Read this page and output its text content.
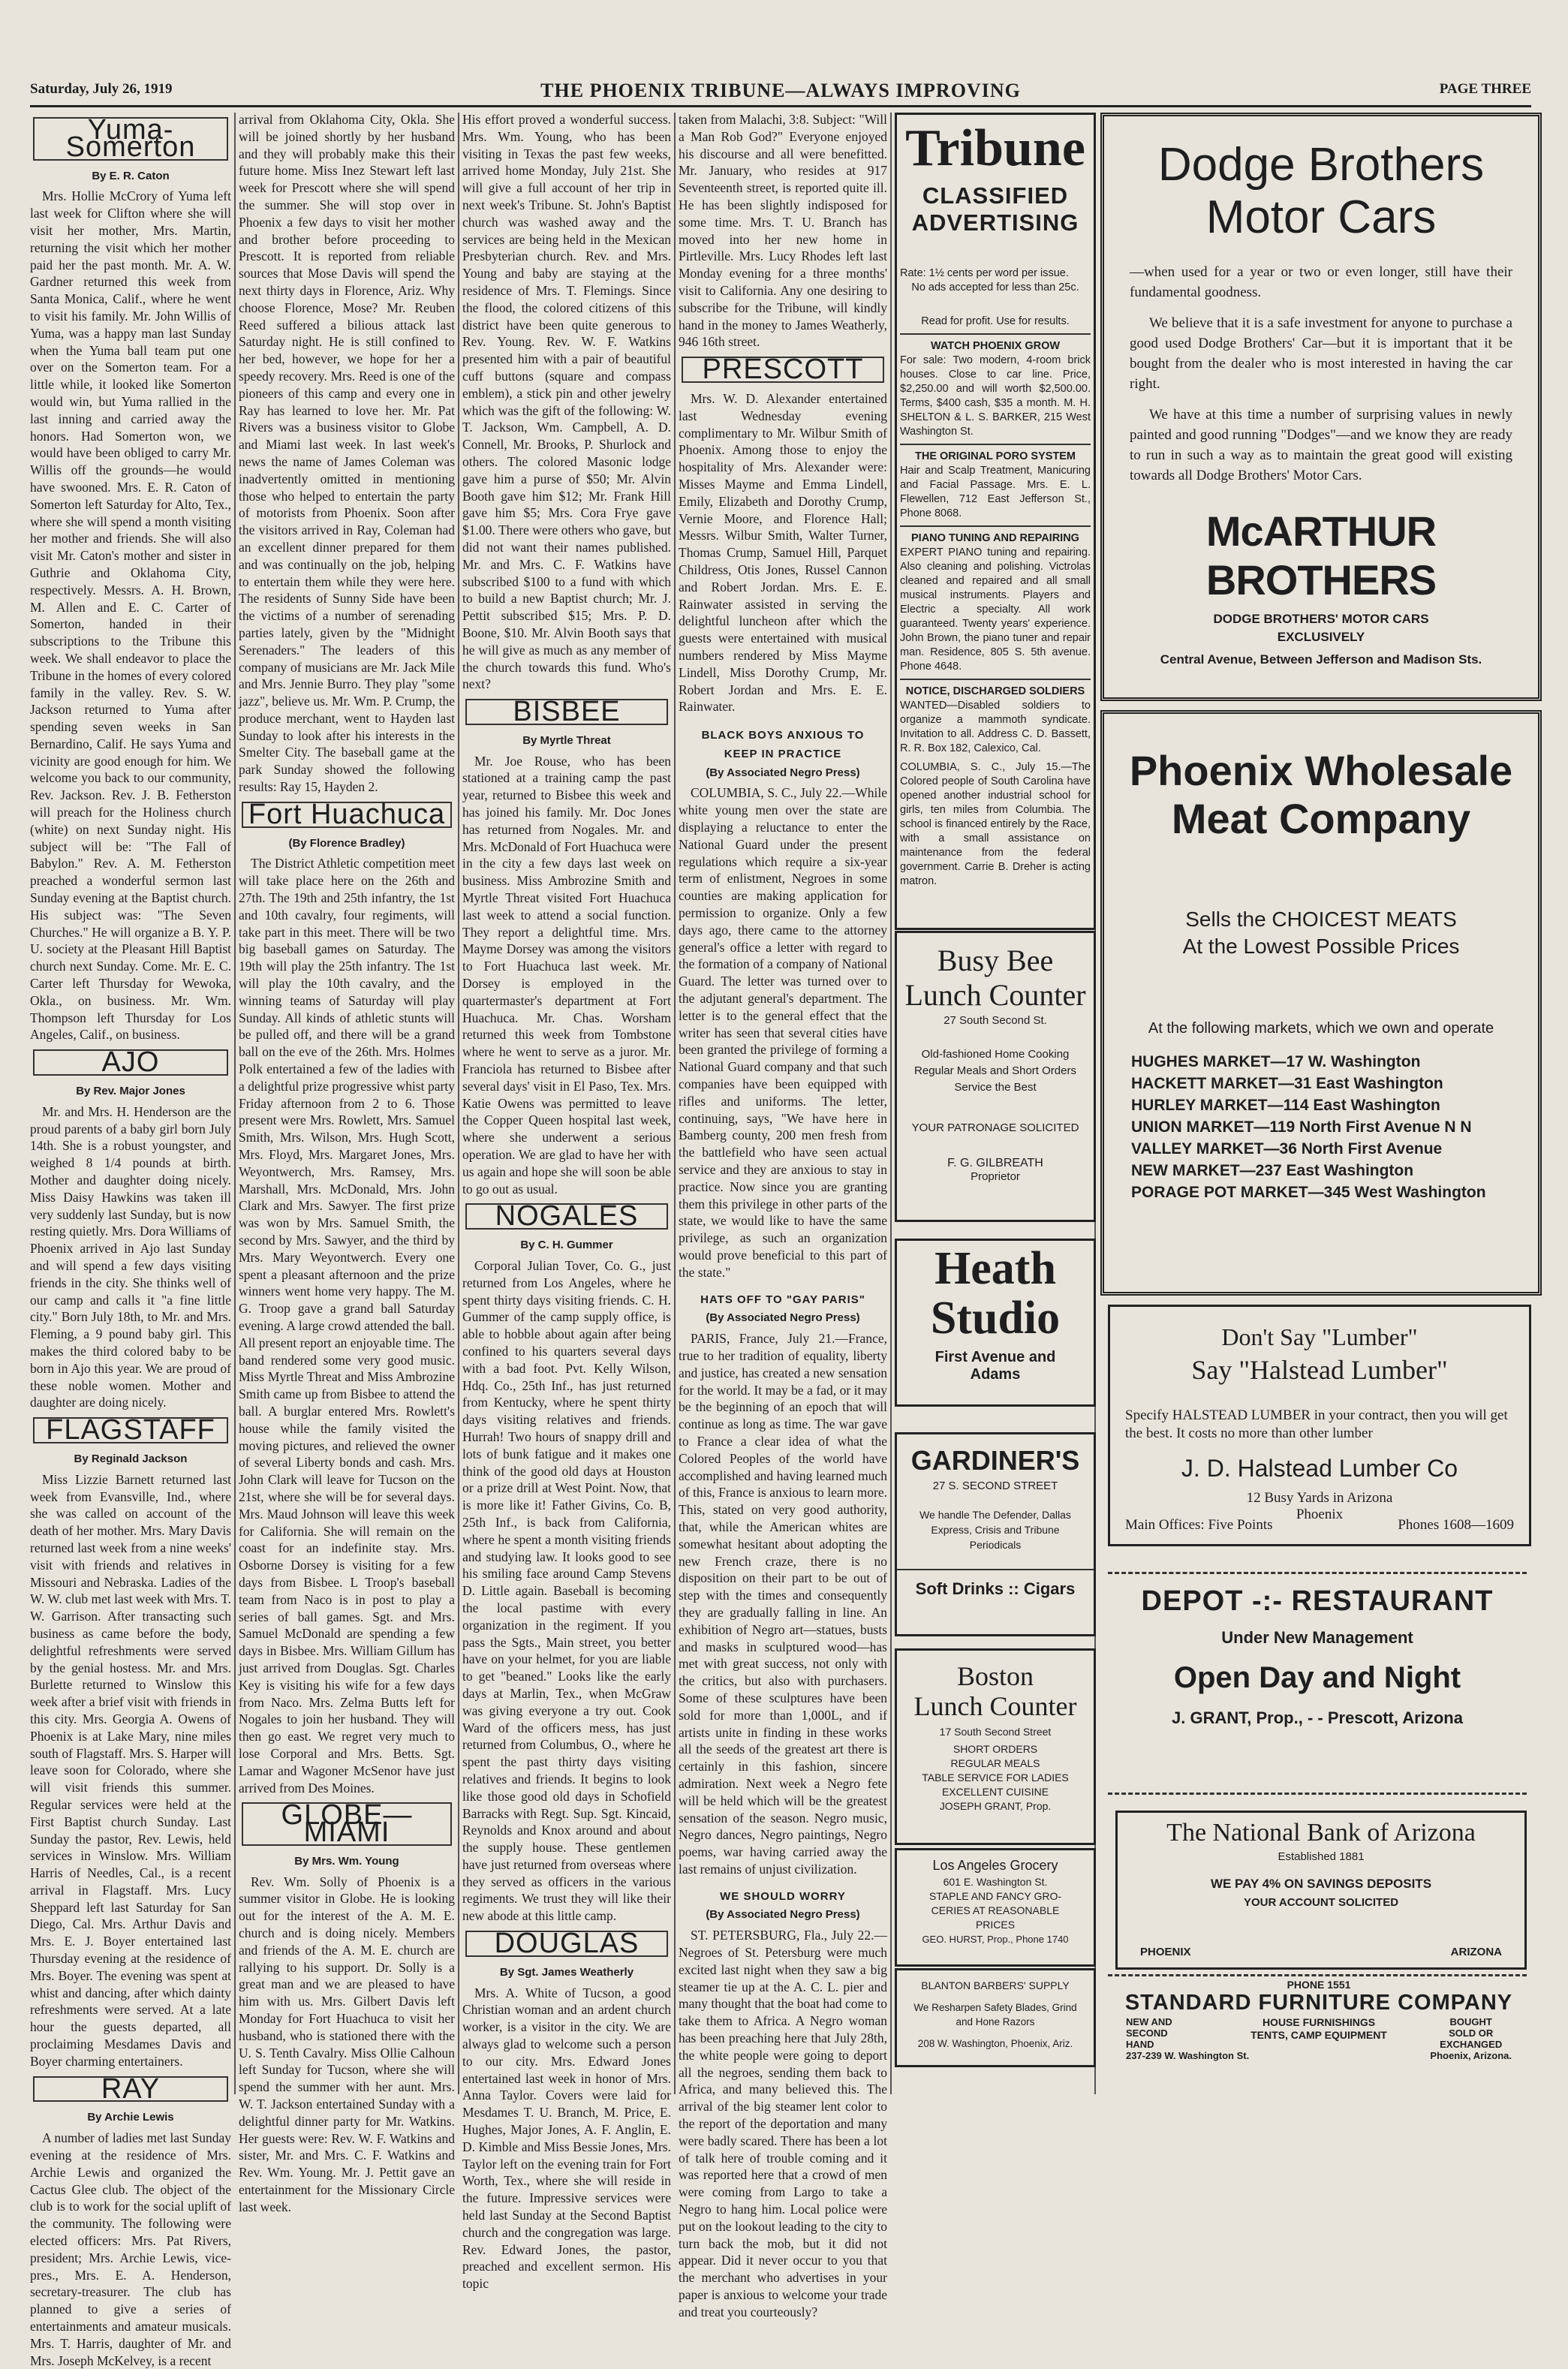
Saturday, July 26, 1919	THE PHOENIX TRIBUNE—ALWAYS IMPROVING	PAGE THREE
Yuma-Somerton
By E. R. Caton

Mrs. Hollie McCrory of Yuma left last week for Clifton where she will visit her mother, Mrs. Martin, returning the visit which her mother paid her the past month. Mr. A. W. Gardner returned this week from Santa Monica, Calif., where he went to visit his family. Mr. John Willis of Yuma, was a happy man last Sunday when the Yuma ball team put one over on the Somerton team. For a little while, it looked like Somerton would win, but Yuma rallied in the last inning and carried away the honors. Had Somerton won, we would have been obliged to carry Mr. Willis off the grounds—he would have swooned. Mrs. E. R. Caton of Somerton left Saturday for Alto, Tex., where she will spend a month visiting her mother and friends. She will also visit Mr. Caton's mother and sister in Guthrie and Oklahoma City, respectively. Messrs. A. H. Brown, M. Allen and E. C. Carter of Somerton, handed in their subscriptions to the Tribune this week. We shall endeavor to place the Tribune in the homes of every colored family in the valley. Rev. S. W. Jackson returned to Yuma after spending seven weeks in San Bernardino, Calif. He says Yuma and vicinity are good enough for him. We welcome you back to our community, Rev. Jackson. Rev. J. B. Fetherston will preach for the Holiness church (white) on next Sunday night. His subject will be: "The Fall of Babylon." Rev. A. M. Fetherston preached a wonderful sermon last Sunday evening at the Baptist church. His subject was: "The Seven Churches." He will organize a B. Y. P. U. society at the Pleasant Hill Baptist church next Sunday. Come. Mr. E. C. Carter left Thursday for Wewoka, Okla., on business. Mr. Wm. Thompson left Thursday for Los Angeles, Calif., on business.

AJO
By Rev. Major Jones

Mr. and Mrs. H. Henderson are the proud parents of a baby girl born July 14th. She is a robust youngster, and weighed 8 1/4 pounds at birth. Mother and daughter doing nicely. Miss Daisy Hawkins was taken ill very suddenly last Sunday, but is now resting quietly. Mrs. Dora Williams of Phoenix arrived in Ajo last Sunday and will spend a few days visiting friends in the city. She thinks well of our camp and calls it "a fine little city." Born July 18th, to Mr. and Mrs. Fleming, a 9 pound baby girl. This makes the third colored baby to be born in Ajo this year. We are proud of these noble women. Mother and daughter are doing nicely.

FLAGSTAFF
By Reginald Jackson

Miss Lizzie Barnett returned last week from Evansville, Ind., where she was called on account of the death of her mother. Mrs. Mary Davis returned last week from a nine weeks' visit with friends and relatives in Missouri and Nebraska. Ladies of the W. W. club met last week with Mrs. T. W. Garrison. After transacting such business as came before the body, delightful refreshments were served by the genial hostess. Mr. and Mrs. Burlette returned to Winslow this week after a brief visit with friends in this city. Mrs. Georgia A. Owens of Phoenix is at Lake Mary, nine miles south of Flagstaff. Mrs. S. Harper will leave soon for Colorado, where she will visit friends this summer. Regular services were held at the First Baptist church Sunday. Last Sunday the pastor, Rev. Lewis, held services in Winslow. Mrs. William Harris of Needles, Cal., is a recent arrival in Flagstaff. Mrs. Lucy Sheppard left last Saturday for San Diego, Cal. Mrs. Arthur Davis and Mrs. E. J. Boyer entertained last Thursday evening at the residence of Mrs. Boyer. The evening was spent at whist and dancing, after which dainty refreshments were served. At a late hour the guests departed, all proclaiming Mesdames Davis and Boyer charming entertainers.

RAY
By Archie Lewis

A number of ladies met last Sunday evening at the residence of Mrs. Archie Lewis and organized the Cactus Glee club. The object of the club is to work for the social uplift of the community. The following were elected officers: Mrs. Pat Rivers, president; Mrs. Archie Lewis, vice-pres., Mrs. E. A. Henderson, secretary-treasurer. The club has planned to give a series of entertainments and amateur musicals. Mrs. T. Harris, daughter of Mr. and Mrs. Joseph McKelvey, is a recent

arrival from Oklahoma City, Okla. She will be joined shortly by her husband and they will probably make this their future home. Miss Inez Stewart left last week for Prescott where she will spend the summer. She will stop over in Phoenix a few days to visit her mother and brother before proceeding to Prescott. It is reported from reliable sources that Mose Davis will spend the next thirty days in Florence, Ariz. Why choose Florence, Mose? Mr. Reuben Reed suffered a bilious attack last Saturday night. He is still confined to her bed, however, we hope for her a speedy recovery. Mrs. Reed is one of the pioneers of this camp and every one in Ray has learned to love her. Mr. Pat Rivers was a business visitor to Globe and Miami last week. In last week's news the name of James Coleman was inadvertently omitted in mentioning those who helped to entertain the party of motorists from Phoenix. Soon after the visitors arrived in Ray, Coleman had an excellent dinner prepared for them and was continually on the job, helping to entertain them while they were here. The residents of Sunny Side have been the victims of a number of serenading parties lately, given by the "Midnight Serenaders." The leaders of this company of musicians are Mr. Jack Mile and Mrs. Jennie Burro. They play "some jazz", believe us. Mr. Wm. P. Crump, the produce merchant, went to Hayden last Sunday to look after his interests in the Smelter City. The baseball game at the park Sunday showed the following results: Ray 15, Hayden 2.

Fort Huachuca
(By Florence Bradley)

The District Athletic competition meet will take place here on the 26th and 27th. The 19th and 25th infantry, the 1st and 10th cavalry, four regiments, will take part in this meet. There will be two big baseball games on Saturday. The 19th will play the 25th infantry. The 1st will play the 10th cavalry, and the winning teams of Saturday will play Sunday. All kinds of athletic stunts will be pulled off, and there will be a grand ball on the eve of the 26th. Mrs. Holmes Polk entertained a few of the ladies with a delightful prize progressive whist party Friday afternoon from 2 to 6. Those present were Mrs. Rowlett, Mrs. Samuel Smith, Mrs. Wilson, Mrs. Hugh Scott, Mrs. Floyd, Mrs. Margaret Jones, Mrs. Weyontwerch, Mrs. Ramsey, Mrs. Marshall, Mrs. McDonald, Mrs. John Clark and Mrs. Sawyer. The first prize was won by Mrs. Samuel Smith, the second by Mrs. Sawyer, and the third by Mrs. Mary Weyontwerch. Every one spent a pleasant afternoon and the prize winners went home very happy. The M. G. Troop gave a grand ball Saturday evening. A large crowd attended the ball. All present report an enjoyable time. The band rendered some very good music. Miss Myrtle Threat and Miss Ambrozine Smith came up from Bisbee to attend the ball. A burglar entered Mrs. Rowlett's house while the family visited the moving pictures, and relieved the owner of several Liberty bonds and cash. Mrs. John Clark will leave for Tucson on the 21st, where she will be for several days. Mrs. Maud Johnson will leave this week for California. She will remain on the coast for an indefinite stay. Mrs. Osborne Dorsey is visiting for a few days from Bisbee. L Troop's baseball team from Naco is in post to play a series of ball games. Sgt. and Mrs. Samuel McDonald are spending a few days in Bisbee. Mrs. William Gillum has just arrived from Douglas. Sgt. Charles Key is visiting his wife for a few days from Naco. Mrs. Zelma Butts left for Nogales to join her husband. They will then go east. We regret very much to lose Corporal and Mrs. Betts. Sgt. Lamar and Wagoner McSenor have just arrived from Des Moines.

GLOBE—MIAMI
By Mrs. Wm. Young

Rev. Wm. Solly of Phoenix is a summer visitor in Globe. He is looking out for the interest of the A. M. E. church and is doing nicely. Members and friends of the A. M. E. church are rallying to his support. Dr. Solly is a great man and we are pleased to have him with us. Mrs. Gilbert Davis left Monday for Fort Huachuca to visit her husband, who is stationed there with the U. S. Tenth Cavalry. Miss Ollie Calhoun left Sunday for Tucson, where she will spend the summer with her aunt. Mrs. W. T. Jackson entertained Sunday with a delightful dinner party for Mr. Watkins. Her guests were: Rev. W. F. Watkins and sister, Mr. and Mrs. C. F. Watkins and Rev. Wm. Young. Mr. J. Pettit gave an entertainment for the Missionary Circle last week.

His effort proved a wonderful success. Mrs. Wm. Young, who has been visiting in Texas the past few weeks, arrived home Monday, July 21st. She will give a full account of her trip in next week's Tribune. St. John's Baptist church was washed away and the services are being held in the Mexican Presbyterian church. Rev. and Mrs. Young and baby are staying at the residence of Mrs. T. Flemings. Since the flood, the colored citizens of this district have been quite generous to Rev. Young. Rev. W. F. Watkins presented him with a pair of beautiful cuff buttons (square and compass emblem), a stick pin and other jewelry which was the gift of the following: W. T. Jackson, Wm. Campbell, A. D. Connell, Mr. Brooks, P. Shurlock and others. The colored Masonic lodge gave him a purse of $50; Mr. Alvin Booth gave him $12; Mr. Frank Hill gave him $5; Mrs. Cora Frye gave $1.00. There were others who gave, but did not want their names published. Mr. and Mrs. C. F. Watkins have subscribed $100 to a fund with which to build a new Baptist church; Mr. J. Pettit subscribed $15; Mrs. P. D. Boone, $10. Mr. Alvin Booth says that he will give as much as any member of the church towards this fund. Who's next?

BISBEE
By Myrtle Threat

Mr. Joe Rouse, who has been stationed at a training camp the past year, returned to Bisbee this week and has joined his family. Mr. Doc Jones has returned from Nogales. Mr. and Mrs. McDonald of Fort Huachuca were in the city a few days last week on business. Miss Ambrozine Smith and Myrtle Threat visited Fort Huachuca last week to attend a social function. They report a delightful time. Mrs. Mayme Dorsey was among the visitors to Fort Huachuca last week. Mr. Dorsey is employed in the quartermaster's department at Fort Huachuca. Mr. Chas. Worsham returned this week from Tombstone where he went to serve as a juror. Mr. Franciola has returned to Bisbee after several days' visit in El Paso, Tex. Mrs. Katie Owens was permitted to leave the Copper Queen hospital last week, where she underwent a serious operation. We are glad to have her with us again and hope she will soon be able to go out as usual.

NOGALES
By C. H. Gummer

Corporal Julian Tover, Co. G., just returned from Los Angeles, where he spent thirty days visiting friends. C. H. Gummer of the camp supply office, is able to hobble about again after being confined to his quarters several days with a bad foot. Pvt. Kelly Wilson, Hdq. Co., 25th Inf., has just returned from Kentucky, where he spent thirty days visiting relatives and friends. Hurrah! Two hours of snappy drill and lots of bunk fatigue and it makes one think of the good old days at Houston or a prize drill at West Point. Now, that is more like it! Father Givins, Co. B, 25th Inf., is back from California, where he spent a month visiting friends and studying law. It looks good to see his smiling face around Camp Stevens D. Little again. Baseball is becoming the local pastime with every organization in the regiment. If you pass the Sgts., Main street, you better have on your helmet, for you are liable to get "beaned." Looks like the early days at Marlin, Tex., when McGraw was giving everyone a try out. Cook Ward of the officers mess, has just returned from Columbus, O., where he spent the past thirty days visiting relatives and friends. It begins to look like those good old days in Schofield Barracks with Regt. Sup. Sgt. Kincaid, Reynolds and Knox around and about the supply house. These gentlemen have just returned from overseas where they served as officers in the various regiments. We trust they will like their new abode at this little camp.

DOUGLAS
By Sgt. James Weatherly

Mrs. A. White of Tucson, a good Christian woman and an ardent church worker, is a visitor in the city. We are always glad to welcome such a person to our city. Mrs. Edward Jones entertained last week in honor of Mrs. Anna Taylor. Covers were laid for Mesdames T. U. Branch, M. Price, E. Hughes, Major Jones, A. F. Anglin, E. D. Kimble and Miss Bessie Jones, Mrs. Taylor left on the evening train for Fort Worth, Tex., where she will reside in the future. Impressive services were held last Sunday at the Second Baptist church and the congregation was large. Rev. Edward Jones, the pastor, preached and excellent sermon. His topic

taken from Malachi, 3:8. Subject: "Will a Man Rob God?" Everyone enjoyed his discourse and all were benefitted. Mr. January, who resides at 917 Seventeenth street, is reported quite ill. He has been slightly indisposed for some time. Mrs. T. U. Branch has moved into her new home in Pirtleville. Mrs. Lucy Rhodes left last Monday evening for a three months' visit to California. Any one desiring to subscribe for the Tribune, will kindly hand in the money to James Weatherly, 946 16th street.

PRESCOTT

Mrs. W. D. Alexander entertained last Wednesday evening complimentary to Mr. Wilbur Smith of Phoenix. Among those to enjoy the hospitality of Mrs. Alexander were: Misses Mayme and Emma Lindell, Emily, Elizabeth and Dorothy Crump, Vernie Moore, and Florence Hall; Messrs. Wilbur Smith, Walter Turner, Thomas Crump, Samuel Hill, Parquet Childress, Otis Jones, Russel Cannon and Robert Jordan. Mrs. E. E. Rainwater assisted in serving the delightful luncheon after which the guests were entertained with musical numbers rendered by Miss Mayme Lindell, Miss Dorothy Crump, Mr. Robert Jordan and Mrs. E. E. Rainwater.

BLACK BOYS ANXIOUS TO
KEEP IN PRACTICE
(By Associated Negro Press)

COLUMBIA, S. C., July 22.—While white young men over the state are displaying a reluctance to enter the National Guard under the present regulations which require a six-year term of enlistment, Negroes in some counties are making application for permission to organize. Only a few days ago, there came to the attorney general's office a letter with regard to the formation of a company of National Guard. The letter was turned over to the adjutant general's department. The letter is to the general effect that the writer has seen that several cities have been granted the privilege of forming a National Guard company and that such companies have been equipped with rifles and uniforms. The letter, continuing, says, "We have here in Bamberg county, 200 men fresh from the battlefield who have seen actual service and they are anxious to stay in practice. Now since you are granting them this privilege in other parts of the state, we would like to have the same privilege, as such an organization would prove beneficial to this part of the state."

HATS OFF TO "GAY PARIS"
(By Associated Negro Press)

PARIS, France, July 21.—France, true to her tradition of equality, liberty and justice, has created a new sensation for the world. It may be a fad, or it may be the beginning of an epoch that will continue as long as time. The war gave to France a clear idea of what the Colored Peoples of the world have accomplished and having learned much of this, France is anxious to learn more. This, stated on very good authority, that, while the American whites are somewhat hesitant about adopting the new French craze, there is no disposition on their part to be out of step with the times and consequently they are gradually falling in line. An exhibition of Negro art—statues, busts and masks in sculptured wood—has met with great success, not only with the critics, but also with purchasers. Some of these sculptures have been sold for more than 1,000L, and if artists unite in finding in these works all the seeds of the greatest art there is certainly in this fashion, sincere admiration. Next week a Negro fete will be held which will be the greatest sensation of the season. Negro music, Negro dances, Negro paintings, Negro poems, war having carried away the last remains of unjust civilization.

WE SHOULD WORRY
(By Associated Negro Press)

ST. PETERSBURG, Fla., July 22.—Negroes of St. Petersburg were much excited last night when they saw a big steamer tie up at the A. C. L. pier and many thought that the boat had come to take them to Africa. A Negro woman has been preaching here that July 28th, the white people were going to deport all the negroes, sending them back to Africa, and many believed this. The arrival of the big steamer lent color to the report of the deportation and many were badly scared. There has been a lot of talk here of trouble coming and it was reported here that a crowd of men were coming from Largo to take a Negro to hang him. Local police were put on the lookout leading to the city to turn back the mob, but it did not appear. Did it never occur to you that the merchant who advertises in your paper is anxious to welcome your trade and treat you courteously?

Tribune
CLASSIFIED
ADVERTISING
Rate: 1½ cents per word per issue.
No ads accepted for less than 25c.
Read for profit. Use for results.
WATCH PHOENIX GROW
For sale: Two modern, 4-room brick houses. Close to car line. Price, $2,250.00 and will worth $2,500.00. Terms, $400 cash, $35 a month. M. H. SHELTON & L. S. BARKER, 215 West Washington St.
THE ORIGINAL PORO SYSTEM
Hair and Scalp Treatment, Manicuring and Facial Passage. Mrs. E. L. Flewellen, 712 East Jefferson St., Phone 8068.
PIANO TUNING AND REPAIRING
EXPERT PIANO tuning and repairing. Also cleaning and polishing. Victrolas cleaned and repaired and all small musical instruments. Players and Electric a specialty. All work guaranteed. Twenty years' experience. John Brown, the piano tuner and repair man. Residence, 805 S. 5th avenue. Phone 4648.
NOTICE, DISCHARGED SOLDIERS
WANTED—Disabled soldiers to organize a mammoth syndicate. Invitation to all. Address C. D. Bassett, R. R. Box 182, Calexico, Cal.
COLUMBIA, S. C., July 15.—The Colored people of South Carolina have opened another industrial school for girls, ten miles from Columbia. The school is financed entirely by the Race, with a small assistance on maintenance from the federal government. Carrie B. Dreher is acting matron.
Busy Bee
Lunch Counter
27 South Second St.
Old-fashioned Home Cooking
Regular Meals and Short Orders
Service the Best
YOUR PATRONAGE SOLICITED
F. G. GILBREATH
Proprietor
Heath
Studio
First Avenue and
Adams
GARDINER'S
27 S. SECOND STREET
We handle The Defender, Dallas
Express, Crisis and Tribune
Periodicals
Soft Drinks :: Cigars
Boston
Lunch Counter
17 South Second Street
SHORT ORDERS
REGULAR MEALS
TABLE SERVICE FOR LADIES
EXCELLENT CUISINE
JOSEPH GRANT, Prop.
Los Angeles Grocery
601 E. Washington St.
STAPLE AND FANCY GRO-
CERIES AT REASONABLE
PRICES
GEO. HURST, Prop., Phone 1740
BLANTON BARBERS' SUPPLY
We Resharpen Safety Blades, Grind
and Hone Razors
208 W. Washington, Phoenix, Ariz.
Dodge Brothers
Motor Cars
—when used for a year or two or even longer, still have their fundamental goodness.
We believe that it is a safe investment for anyone to purchase a good used Dodge Brothers' Car—but it is important that it be bought from the dealer who is most interested in having the car right.
We have at this time a number of surprising values in newly painted and good running "Dodges"—and we know they are ready to run in such a way as to maintain the great good will existing towards all Dodge Brothers' Motor Cars.
McARTHUR BROTHERS
DODGE BROTHERS' MOTOR CARS
EXCLUSIVELY
Central Avenue, Between Jefferson and Madison Sts.
Phoenix Wholesale
Meat Company
Sells the CHOICEST MEATS
At the Lowest Possible Prices
At the following markets, which we own and operate
HUGHES MARKET—17 W. Washington
HACKETT MARKET—31 East Washington
HURLEY MARKET—114 East Washington
UNION MARKET—119 North First Avenue N N
VALLEY MARKET—36 North First Avenue
NEW MARKET—237 East Washington
PORAGE POT MARKET—345 West Washington
Don't Say "Lumber"
Say "Halstead Lumber"
Specify HALSTEAD LUMBER in your contract, then you will get the best. It costs no more than other lumber
J. D. Halstead Lumber Co
12 Busy Yards in Arizona
Phoenix
Main Offices: Five Points	Phones 1608—1609
DEPOT -:- RESTAURANT
Under New Management
Open Day and Night
J. GRANT, Prop., - - Prescott, Arizona
The National Bank of Arizona
Established 1881
WE PAY 4% ON SAVINGS DEPOSITS
YOUR ACCOUNT SOLICITED
PHOENIX	ARIZONA
PHONE 1551
STANDARD FURNITURE COMPANY
NEW AND
SECOND
HAND
237-239 W. Washington St.
HOUSE FURNISHINGS
TENTS, CAMP EQUIPMENT
BOUGHT
SOLD OR
EXCHANGED
Phoenix, Arizona.
